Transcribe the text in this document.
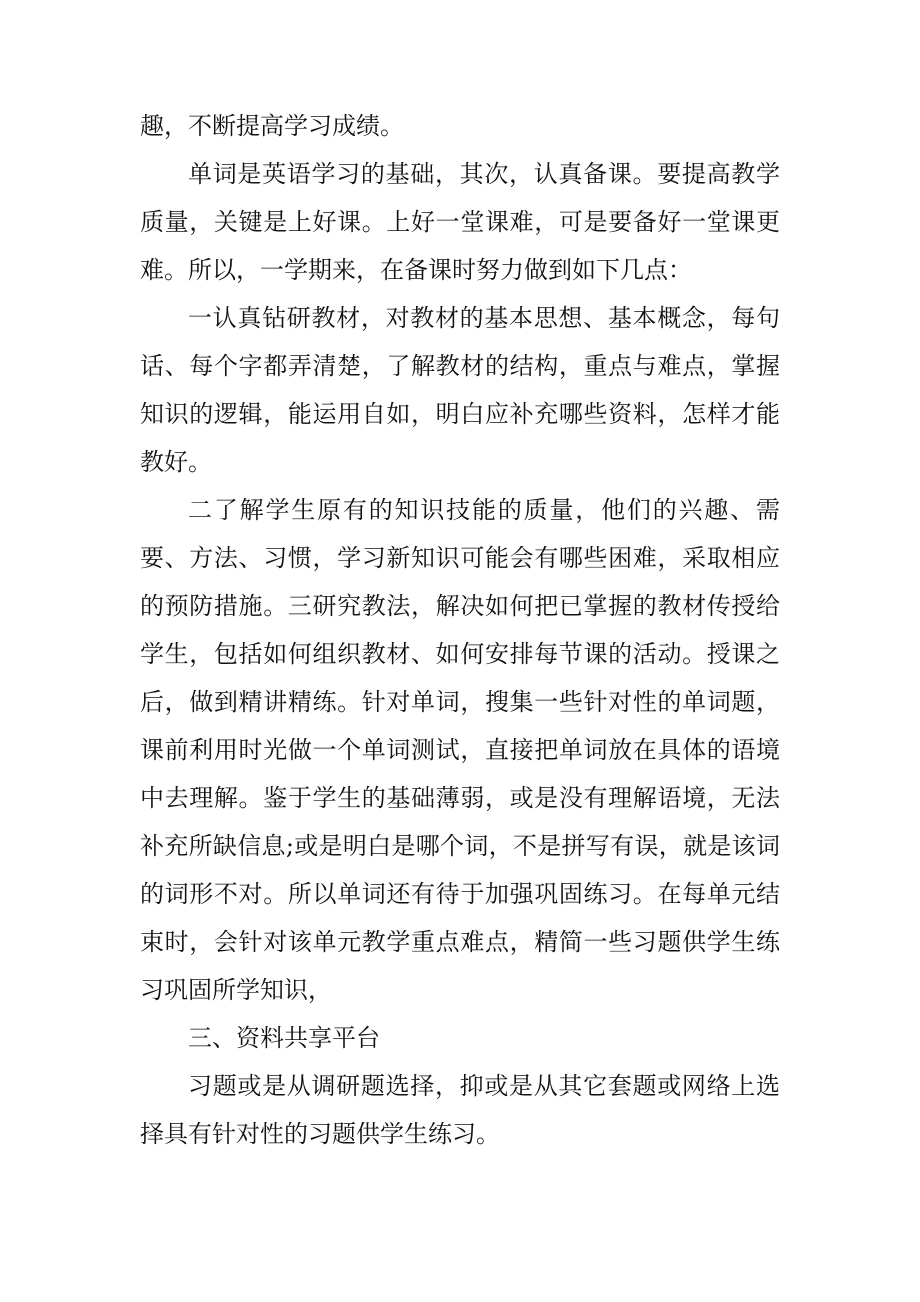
趣，不断提高学习成绩。

单词是英语学习的基础，其次，认真备课。要提高教学质量，关键是上好课。上好一堂课难，可是要备好一堂课更难。所以，一学期来，在备课时努力做到如下几点：

一认真钻研教材，对教材的基本思想、基本概念，每句话、每个字都弄清楚，了解教材的结构，重点与难点，掌握知识的逻辑，能运用自如，明白应补充哪些资料，怎样才能教好。

二了解学生原有的知识技能的质量，他们的兴趣、需要、方法、习惯，学习新知识可能会有哪些困难，采取相应的预防措施。三研究教法，解决如何把已掌握的教材传授给学生，包括如何组织教材、如何安排每节课的活动。授课之后，做到精讲精练。针对单词，搜集一些针对性的单词题，课前利用时光做一个单词测试，直接把单词放在具体的语境中去理解。鉴于学生的基础薄弱，或是没有理解语境，无法补充所缺信息;或是明白是哪个词，不是拼写有误，就是该词的词形不对。所以单词还有待于加强巩固练习。在每单元结束时，会针对该单元教学重点难点，精简一些习题供学生练习巩固所学知识，

三、资料共享平台

习题或是从调研题选择，抑或是从其它套题或网络上选择具有针对性的习题供学生练习。
